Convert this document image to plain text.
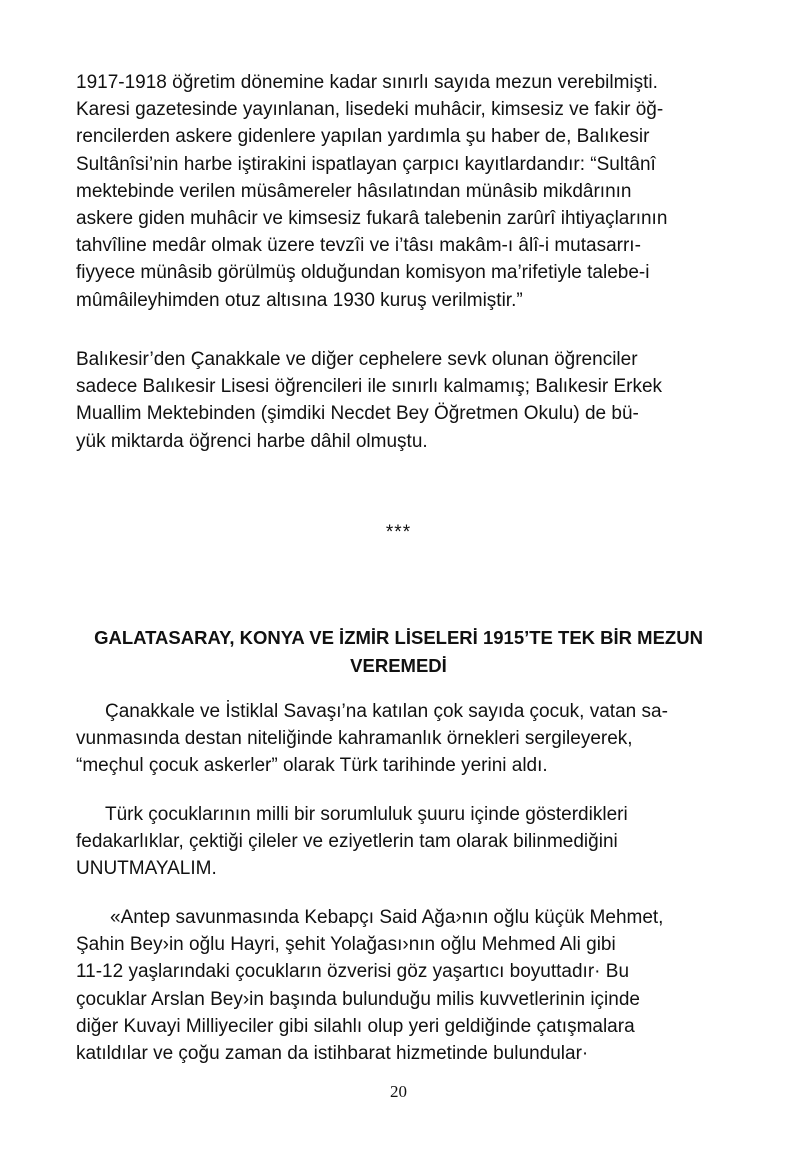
1917-1918 öğretim dönemine kadar sınırlı sayıda mezun verebilmişti.
Karesi gazetesinde yayınlanan, lisedeki muhâcir, kimsesiz ve fakir öğ-
rencilerden askere gidenlere yapılan yardımla şu haber de, Balıkesir
Sultânîsi’nin harbe iştirakini ispatlayan çarpıcı kayıtlardandır: “Sultânî
mektebinde verilen müsâmereler hâsılatından münâsib mikdârının
askere giden muhâcir ve kimsesiz fukarâ talebenin zarûrî ihtiyaçlarının
tahvîline medâr olmak üzere tevzîi ve i’tâsı makâm-ı âlî-i mutasarrı-
fiyyece münâsib görülmüş olduğundan komisyon ma’rifetiyle talebe-i
mûmâileyhimden otuz altısına 1930 kuruş verilmiştir.”

Balıkesir’den Çanakkale ve diğer cephelere sevk olunan öğrenciler
sadece Balıkesir Lisesi öğrencileri ile sınırlı kalmamış; Balıkesir Erkek
Muallim Mektebinden (şimdiki Necdet Bey Öğretmen Okulu) de bü-
yük miktarda öğrenci harbe dâhil olmuştu.

***
GALATASARAY, KONYA VE İZMİR LİSELERİ 1915’TE TEK BİR MEZUN
VEREMEDİ

Çanakkale ve İstiklal Savaşı’na katılan çok sayıda çocuk, vatan sa-
vunmasında destan niteliğinde kahramanlık örnekleri sergileyerek,
“meçhul çocuk askerler” olarak Türk tarihinde yerini aldı.

Türk çocuklarının milli bir sorumluluk şuuru içinde gösterdikleri
fedakarlıklar, çektiği çileler ve eziyetlerin tam olarak bilinmediğini
UNUTMAYALIM.

«Antep savunmasında Kebapçı Said Ağa›nın oğlu küçük Mehmet,
Şahin Bey›in oğlu Hayri, şehit Yolağası›nın oğlu Mehmed Ali gibi
11-12 yaşlarındaki çocukların özverisi göz yaşartıcı boyuttadır· Bu
çocuklar Arslan Bey›in başında bulunduğu milis kuvvetlerinin içinde
diğer Kuvayi Milliyeciler gibi silahlı olup yeri geldiğinde çatışmalara
katıldılar ve çoğu zaman da istihbarat hizmetinde bulundular·

20
